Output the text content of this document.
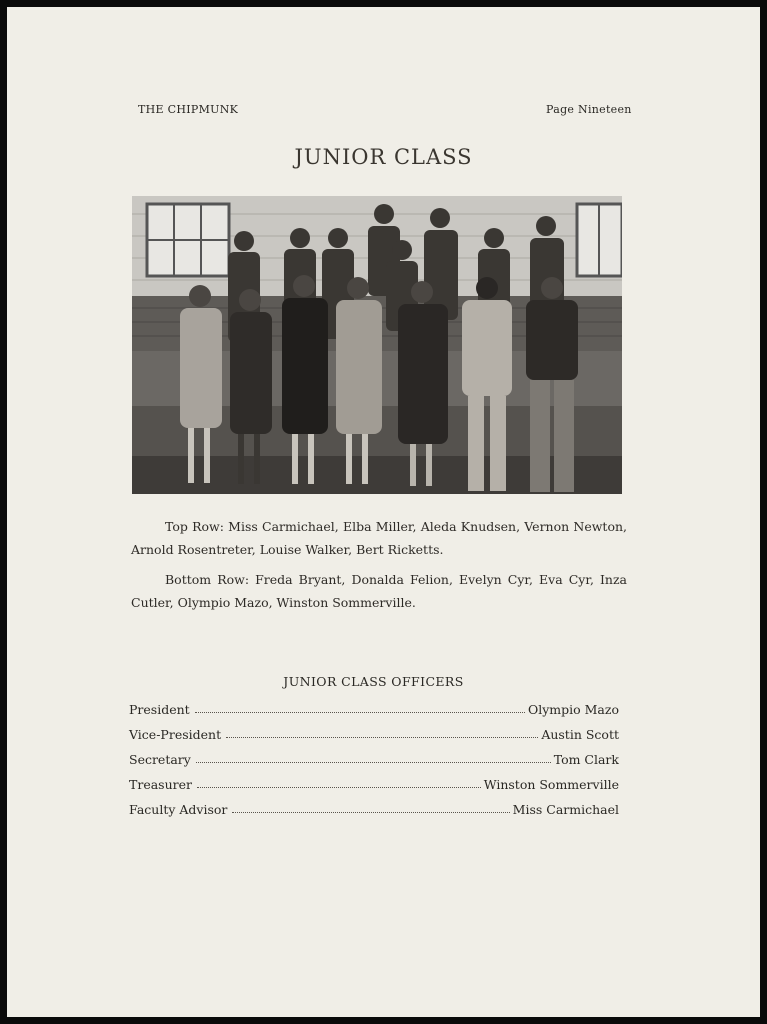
THE CHIPMUNK	Page Nineteen
JUNIOR CLASS
Top Row: Miss Carmichael, Elba Miller, Aleda Knudsen, Vernon Newton, Arnold Rosentreter, Louise Walker, Bert Ricketts.
Bottom Row: Freda Bryant, Donalda Felion, Evelyn Cyr, Eva Cyr, Inza Cutler, Olympio Mazo, Winston Sommerville.
JUNIOR CLASS OFFICERS
President	Olympio Mazo
Vice-President	Austin Scott
Secretary	Tom Clark
Treasurer	Winston Sommerville
Faculty Advisor	Miss Carmichael
